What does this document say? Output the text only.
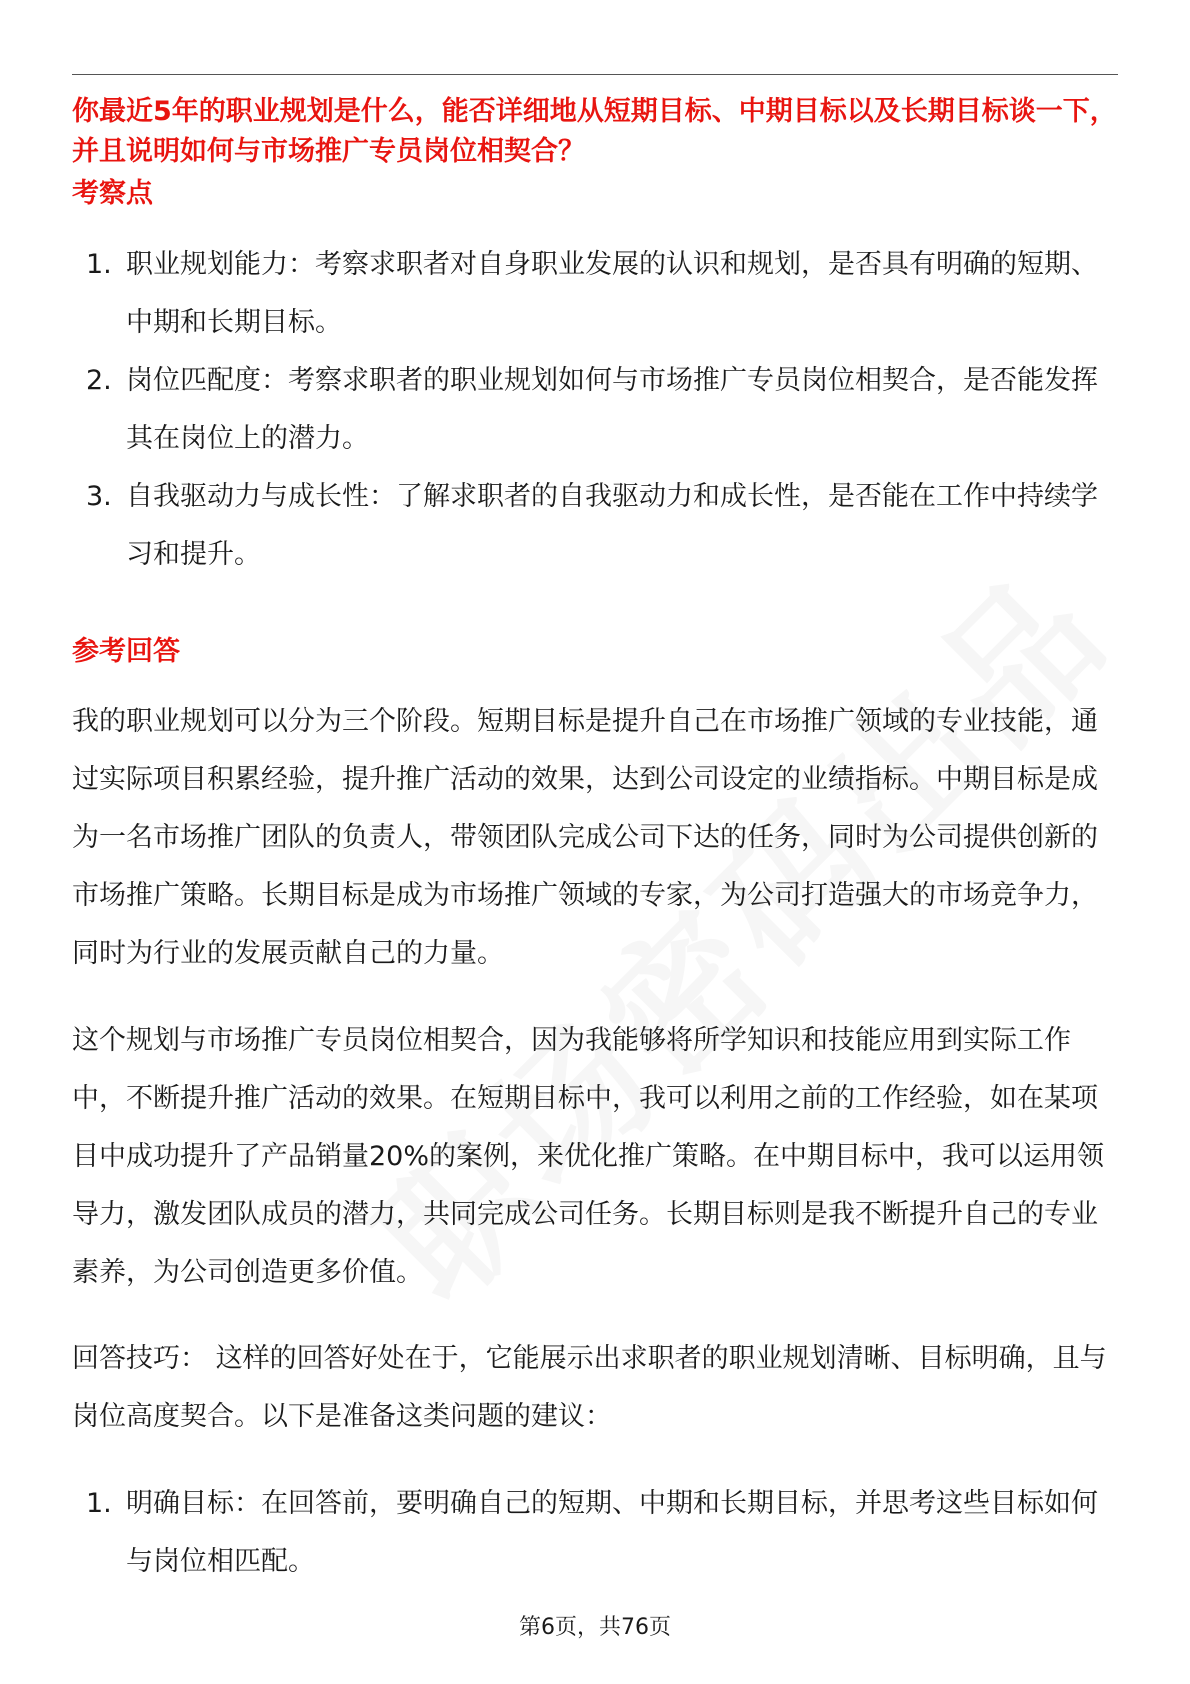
你最近5年的职业规划是什么，能否详细地从短期目标、中期目标以及长期目标谈一下，并且说明如何与市场推广专员岗位相契合？

考察点
1. 职业规划能力：考察求职者对自身职业发展的认识和规划，是否具有明确的短期、中期和长期目标。
2. 岗位匹配度：考察求职者的职业规划如何与市场推广专员岗位相契合，是否能发挥其在岗位上的潜力。
3. 自我驱动力与成长性：了解求职者的自我驱动力和成长性，是否能在工作中持续学习和提升。
参考回答

我的职业规划可以分为三个阶段。短期目标是提升自己在市场推广领域的专业技能，通过实际项目积累经验，提升推广活动的效果，达到公司设定的业绩指标。中期目标是成为一名市场推广团队的负责人，带领团队完成公司下达的任务，同时为公司提供创新的市场推广策略。长期目标是成为市场推广领域的专家，为公司打造强大的市场竞争力，同时为行业的发展贡献自己的力量。

这个规划与市场推广专员岗位相契合，因为我能够将所学知识和技能应用到实际工作中，不断提升推广活动的效果。在短期目标中，我可以利用之前的工作经验，如在某项目中成功提升了产品销量20%的案例，来优化推广策略。在中期目标中，我可以运用领导力，激发团队成员的潜力，共同完成公司任务。长期目标则是我不断提升自己的专业素养，为公司创造更多价值。

回答技巧： 这样的回答好处在于，它能展示出求职者的职业规划清晰、目标明确，且与岗位高度契合。以下是准备这类问题的建议：

1. 明确目标：在回答前，要明确自己的短期、中期和长期目标，并思考这些目标如何与岗位相匹配。
第6页，共76页
